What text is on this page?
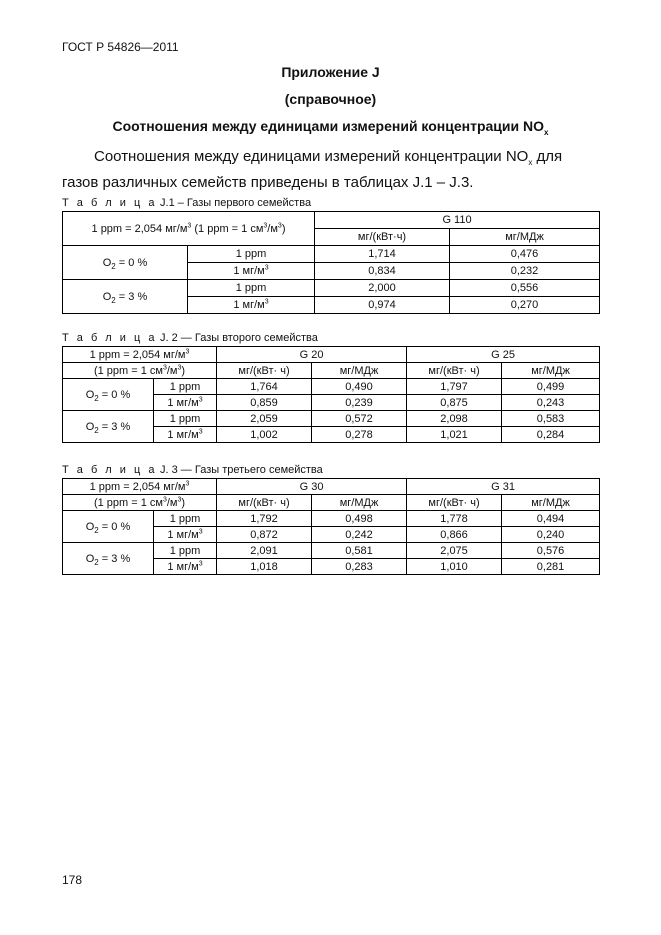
ГОСТ Р 54826—2011
Приложение J
(справочное)
Соотношения между единицами измерений концентрации $NO_x$
Соотношения между единицами измерений концентрации $NO_x$ для
газов различных семейств приведены в таблицах J.1 – J.3.
Т а б л и ц а J.1 – Газы первого семейства
1 ppm = 2,054 $мг/м^3$ (1 ppm = 1 $см^3/м^3$)		G 110	
		мг/(кВт·ч)	мг/МДж
$O_2 = 0$ %	1 ppm	1,714	0,476
	1 $мг/м^3$	0,834	0,232
$O_2 = 3$ %	1 ppm	2,000	0,556
	1 $мг/м^3$	0,974	0,270
Т а б л и ц а J. 2 — Газы второго семейства
1 ppm = 2,054 $мг/м^3$		G 20		G 25	
(1 ppm = 1 $см^3/м^3$)		мг/(кВт· ч)	мг/МДж	мг/(кВт· ч)	мг/МДж
$O_2 = 0$ %	1 ppm	1,764	0,490	1,797	0,499
	1 $мг/м^3$	0,859	0,239	0,875	0,243
$O_2 = 3$ %	1 ppm	2,059	0,572	2,098	0,583
	1 $мг/м^3$	1,002	0,278	1,021	0,284
Т а б л и ц а J. 3 — Газы третьего семейства
1 ppm = 2,054 $мг/м^3$		G 30		G 31	
(1 ppm = 1 $см^3/м^3$)		мг/(кВт· ч)	мг/МДж	мг/(кВт· ч)	мг/МДж
$O_2 = 0$ %	1 ppm	1,792	0,498	1,778	0,494
	1 $мг/м^3$	0,872	0,242	0,866	0,240
$O_2 = 3$ %	1 ppm	2,091	0,581	2,075	0,576
	1 $мг/м^3$	1,018	0,283	1,010	0,281
178
